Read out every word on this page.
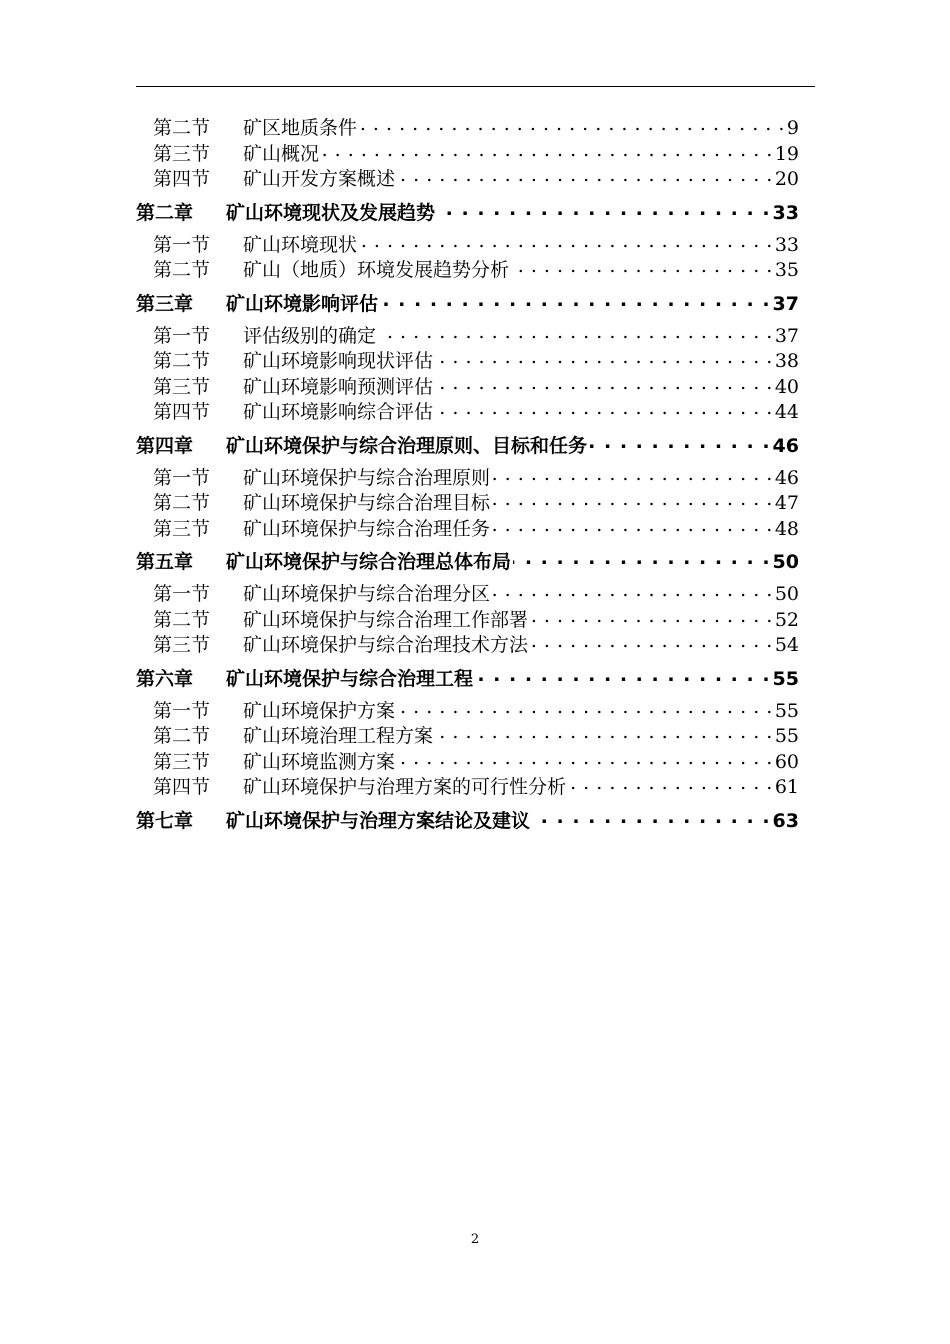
第二节	矿区地质条件 . . .	9
第三节	矿山概况 . . .	19
第四节	矿山开发方案概述 . . .	20
第二章	矿山环境现状及发展趋势 . . .	33
第一节	矿山环境现状 . . .	33
第二节	矿山（地质）环境发展趋势分析 . . .	35
第三章	矿山环境影响评估 . . .	37
第一节	评估级别的确定 . . .	37
第二节	矿山环境影响现状评估 . . .	38
第三节	矿山环境影响预测评估 . . .	40
第四节	矿山环境影响综合评估 . . .	44
第四章	矿山环境保护与综合治理原则、目标和任务 . . .	46
第一节	矿山环境保护与综合治理原则 . . .	46
第二节	矿山环境保护与综合治理目标 . . .	47
第三节	矿山环境保护与综合治理任务 . . .	48
第五章	矿山环境保护与综合治理总体布局 . . .	50
第一节	矿山环境保护与综合治理分区 . . .	50
第二节	矿山环境保护与综合治理工作部署 . . .	52
第三节	矿山环境保护与综合治理技术方法 . . .	54
第六章	矿山环境保护与综合治理工程 . . .	55
第一节	矿山环境保护方案 . . .	55
第二节	矿山环境治理工程方案 . . .	55
第三节	矿山环境监测方案 . . .	60
第四节	矿山环境保护与治理方案的可行性分析 . . .	61
第七章	矿山环境保护与治理方案结论及建议 . . .	63
2
